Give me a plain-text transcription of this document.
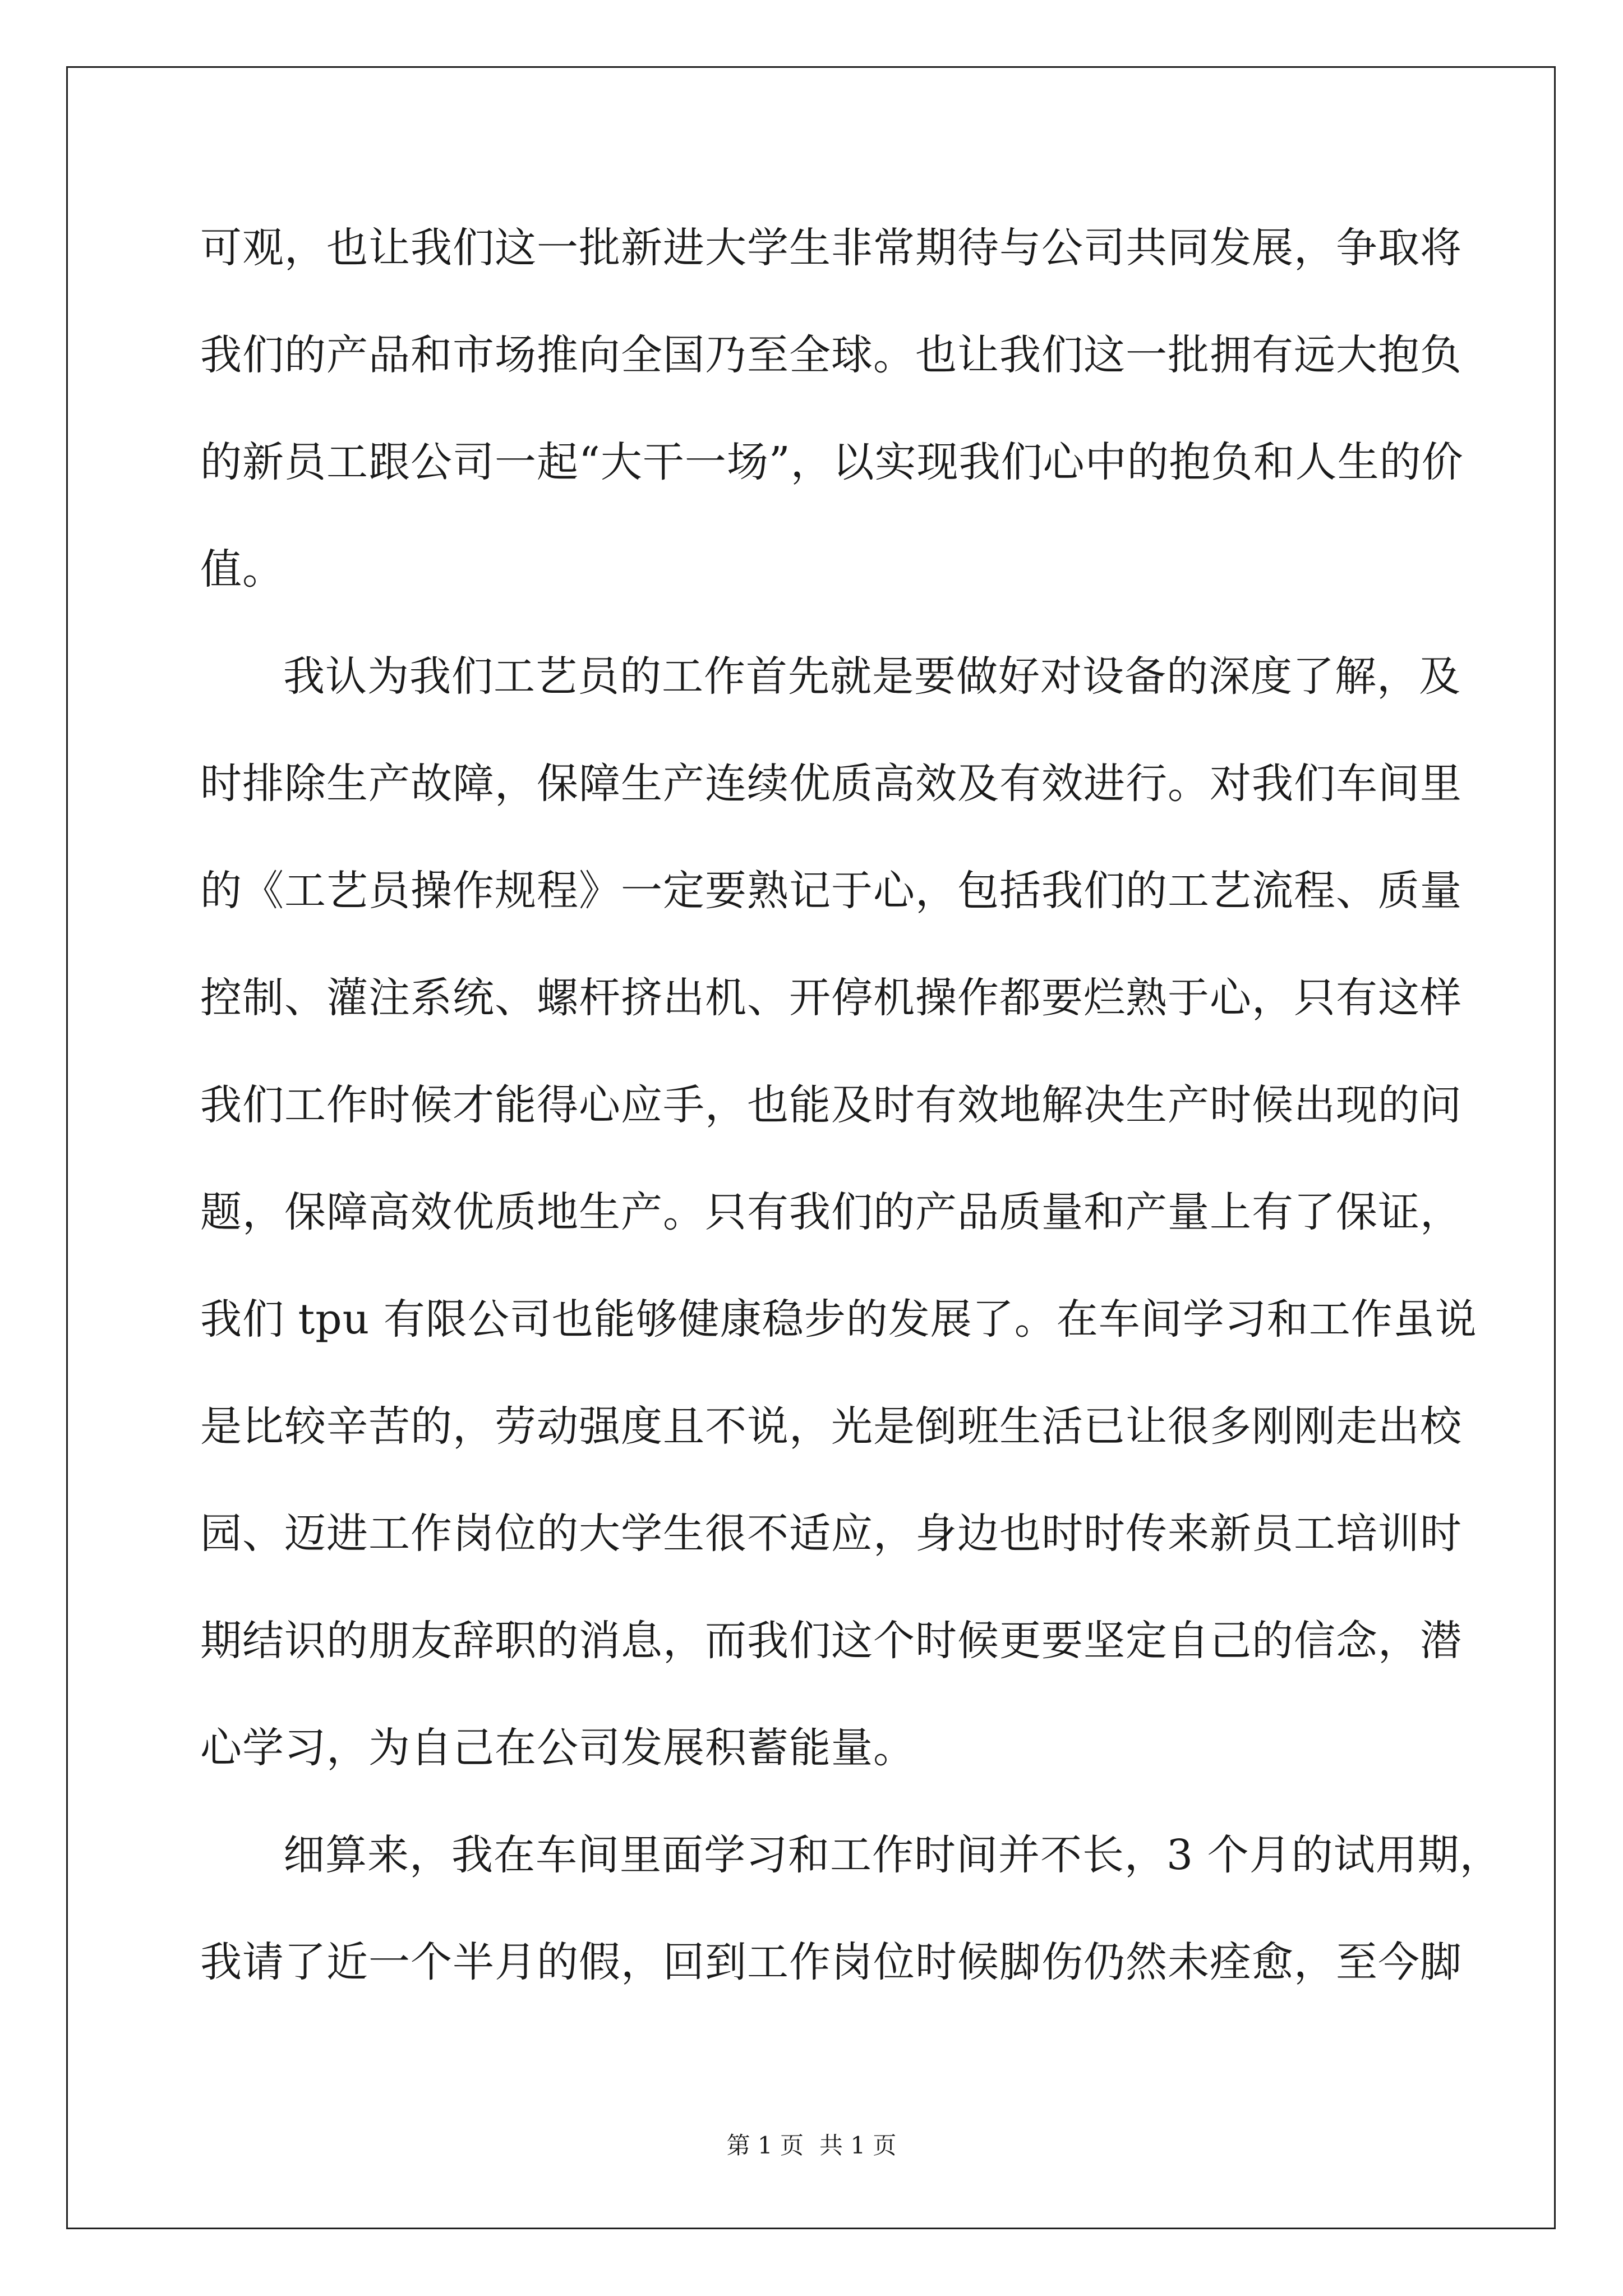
可观，也让我们这一批新进大学生非常期待与公司共同发展，争取将
我们的产品和市场推向全国乃至全球。也让我们这一批拥有远大抱负
的新员工跟公司一起“大干一场”，以实现我们心中的抱负和人生的价
值。
我认为我们工艺员的工作首先就是要做好对设备的深度了解，及
时排除生产故障，保障生产连续优质高效及有效进行。对我们车间里
的《工艺员操作规程》一定要熟记于心，包括我们的工艺流程、质量
控制、灌注系统、螺杆挤出机、开停机操作都要烂熟于心，只有这样
我们工作时候才能得心应手，也能及时有效地解决生产时候出现的问
题，保障高效优质地生产。只有我们的产品质量和产量上有了保证，
我们 tpu 有限公司也能够健康稳步的发展了。在车间学习和工作虽说
是比较辛苦的，劳动强度且不说，光是倒班生活已让很多刚刚走出校
园、迈进工作岗位的大学生很不适应，身边也时时传来新员工培训时
期结识的朋友辞职的消息，而我们这个时候更要坚定自己的信念，潜
心学习，为自己在公司发展积蓄能量。
细算来，我在车间里面学习和工作时间并不长，3 个月的试用期，
我请了近一个半月的假，回到工作岗位时候脚伤仍然未痊愈，至今脚
第 1 页 共 1 页
